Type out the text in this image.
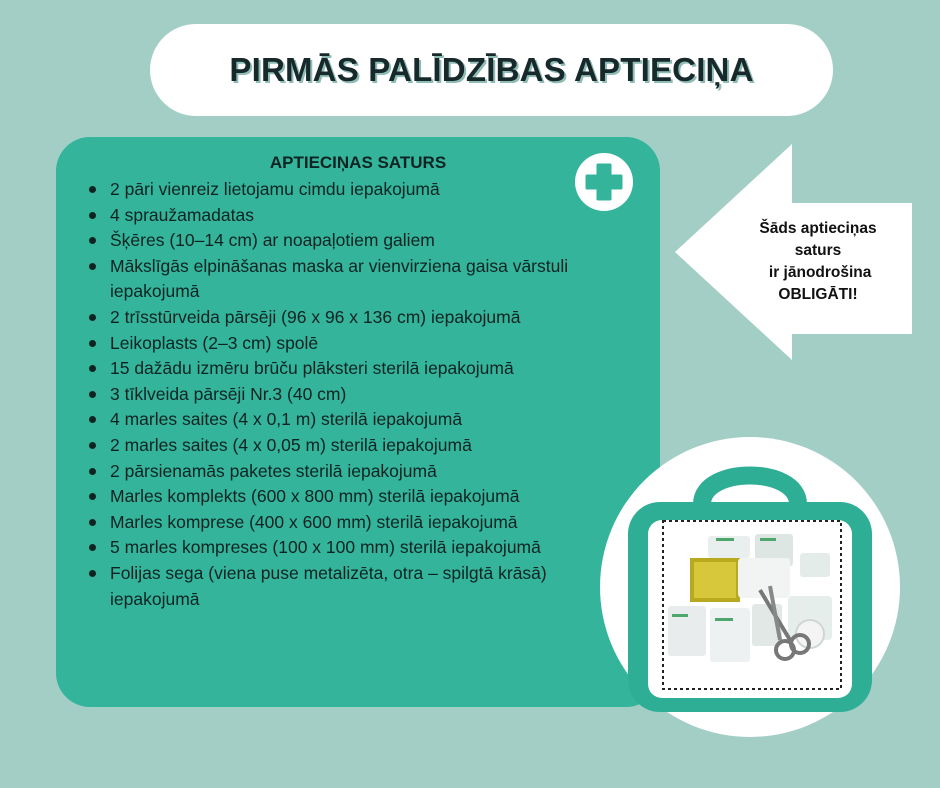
PIRMĀS PALĪDZĪBAS APTIECIŅA
APTIECIŅAS SATURS
2 pāri vienreiz lietojamu cimdu iepakojumā
4 spraužamadatas
Šķēres (10–14 cm) ar noapaļotiem galiem
Mākslīgās elpināšanas maska ar vienvirziena gaisa vārstuli iepakojumā
2 trīsstūrveida pārsēji (96 x 96 x 136 cm) iepakojumā
Leikoplasts (2–3 cm) spolē
15 dažādu izmēru brūču plāksteri sterilā iepakojumā
3 tīklveida pārsēji Nr.3 (40 cm)
4 marles saites (4 x 0,1 m) sterilā iepakojumā
2 marles saites (4 x 0,05 m) sterilā iepakojumā
2 pārsienamās paketes sterilā iepakojumā
Marles komplekts (600 x 800 mm) sterilā iepakojumā
Marles komprese (400 x 600 mm) sterilā iepakojumā
5 marles kompreses (100 x 100 mm) sterilā iepakojumā
Folijas sega (viena puse metalizēta, otra – spilgtā krāsā) iepakojumā
Šāds aptieciņas
saturs
ir jānodrošina
OBLIGĀTI!
